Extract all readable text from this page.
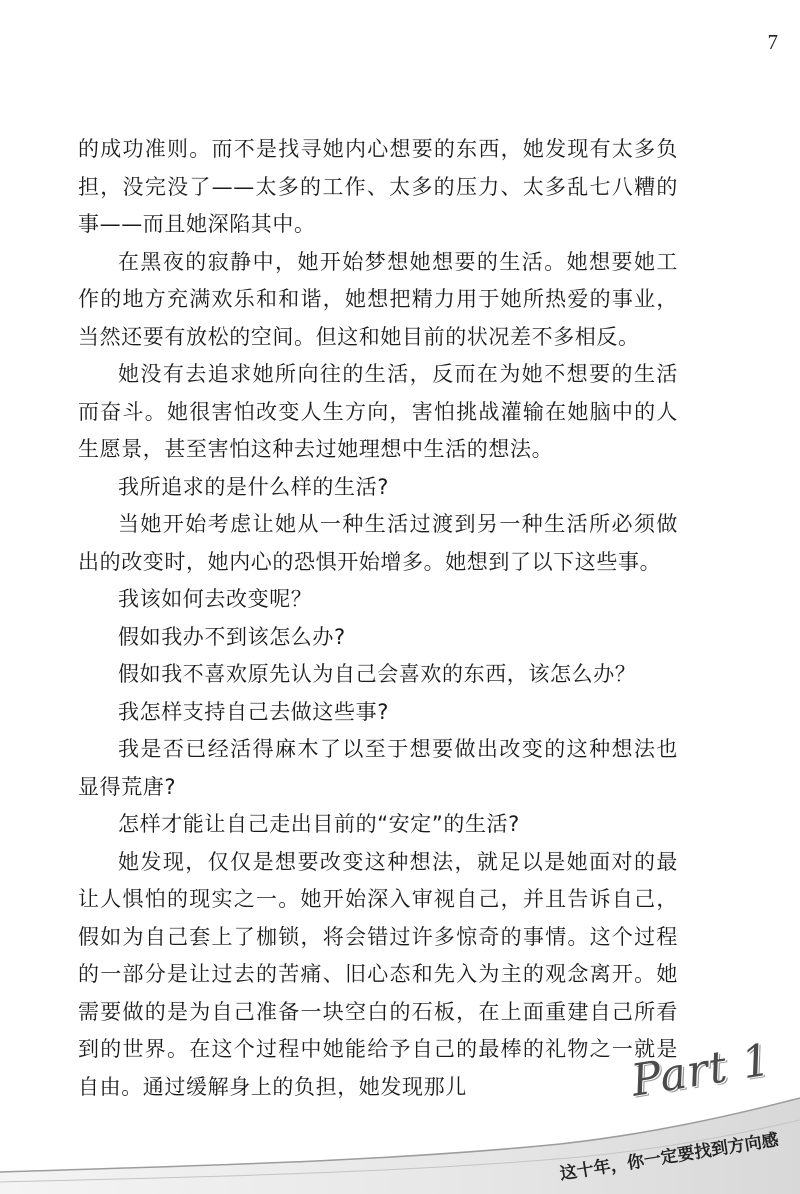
7

的成功准则。而不是找寻她内心想要的东西，她发现有太多负担，没完没了——太多的工作、太多的压力、太多乱七八糟的事——而且她深陷其中。

在黑夜的寂静中，她开始梦想她想要的生活。她想要她工作的地方充满欢乐和和谐，她想把精力用于她所热爱的事业，当然还要有放松的空间。但这和她目前的状况差不多相反。

她没有去追求她所向往的生活，反而在为她不想要的生活而奋斗。她很害怕改变人生方向，害怕挑战灌输在她脑中的人生愿景，甚至害怕这种去过她理想中生活的想法。

我所追求的是什么样的生活?

当她开始考虑让她从一种生活过渡到另一种生活所必须做出的改变时，她内心的恐惧开始增多。她想到了以下这些事。

我该如何去改变呢？

假如我办不到该怎么办?

假如我不喜欢原先认为自己会喜欢的东西，该怎么办？

我怎样支持自己去做这些事?

我是否已经活得麻木了以至于想要做出改变的这种想法也显得荒唐?

怎样才能让自己走出目前的“安定”的生活?

她发现，仅仅是想要改变这种想法，就足以是她面对的最让人惧怕的现实之一。她开始深入审视自己，并且告诉自己，假如为自己套上了枷锁，将会错过许多惊奇的事情。这个过程的一部分是让过去的苦痛、旧心态和先入为主的观念离开。她需要做的是为自己准备一块空白的石板，在上面重建自己所看到的世界。在这个过程中她能给予自己的最棒的礼物之一就是自由。通过缓解身上的负担，她发现那儿	Part 1
这十年，你一定要找到方向感
